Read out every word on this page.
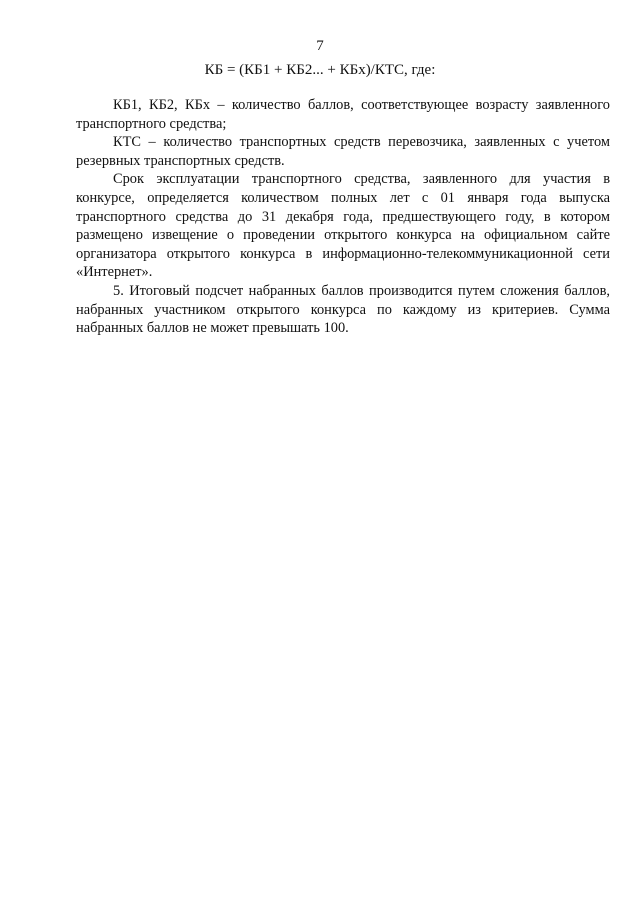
7
КБ = (КБ1 + КБ2... + КБх)/КТС, где:

КБ1, КБ2, КБх – количество баллов, соответствующее возрасту заявленного транспортного средства;

КТС – количество транспортных средств перевозчика, заявленных с учетом резервных транспортных средств.

Срок эксплуатации транспортного средства, заявленного для участия в конкурсе, определяется количеством полных лет с 01 января года выпуска транспортного средства до 31 декабря года, предшествующего году, в котором размещено извещение о проведении открытого конкурса на официальном сайте организатора открытого конкурса в информационно-телекоммуникационной сети «Интернет».

5. Итоговый подсчет набранных баллов производится путем сложения баллов, набранных участником открытого конкурса по каждому из критериев. Сумма набранных баллов не может превышать 100.
